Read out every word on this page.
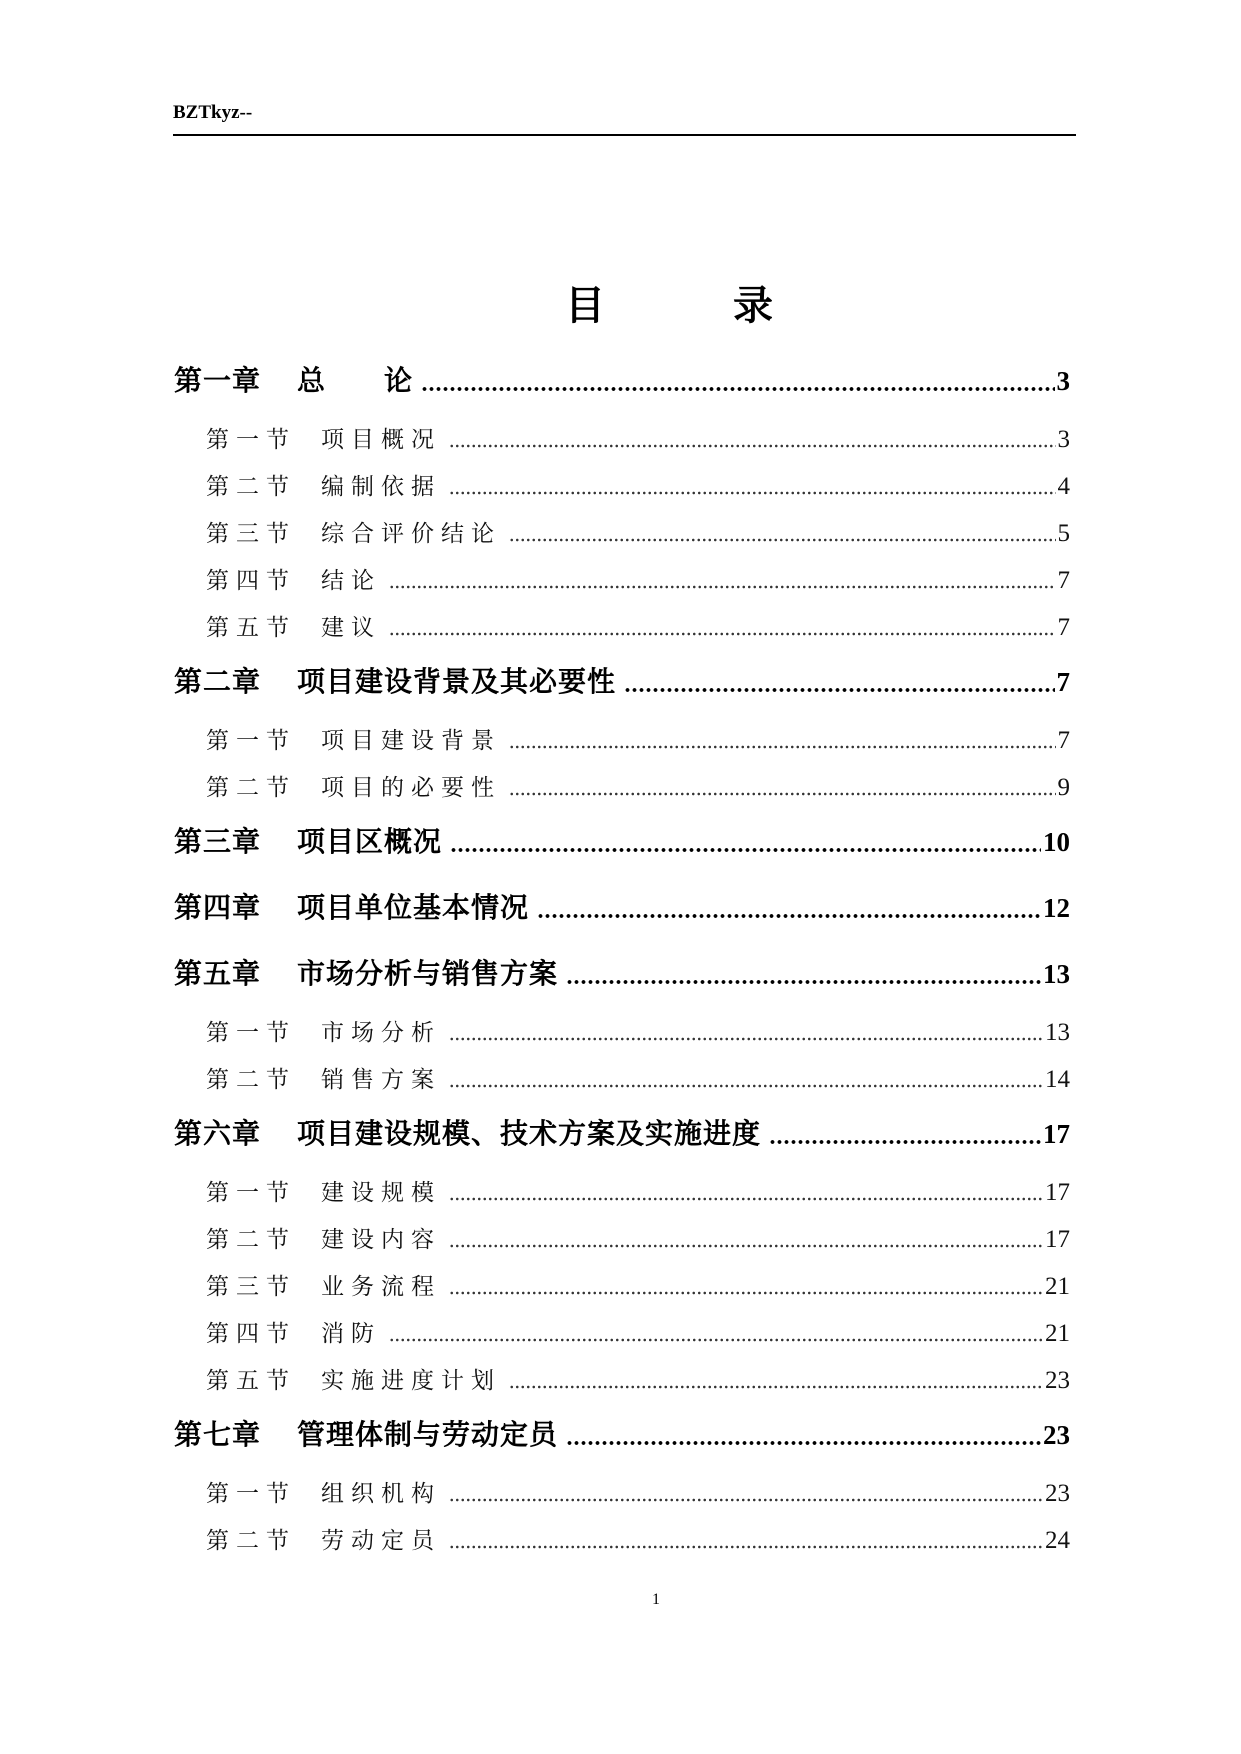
BZTkyz--
目　　　录
第一章	总　　论	3
第一节	项目概况	3
第二节	编制依据	4
第三节	综合评价结论	5
第四节	结论	7
第五节	建议	7
第二章	项目建设背景及其必要性	7
第一节	项目建设背景	7
第二节	项目的必要性	9
第三章	项目区概况	10
第四章	项目单位基本情况	12
第五章	市场分析与销售方案	13
第一节	市场分析	13
第二节	销售方案	14
第六章	项目建设规模、技术方案及实施进度	17
第一节	建设规模	17
第二节	建设内容	17
第三节	业务流程	21
第四节	消防	21
第五节	实施进度计划	23
第七章	管理体制与劳动定员	23
第一节	组织机构	23
第二节	劳动定员	24
1
